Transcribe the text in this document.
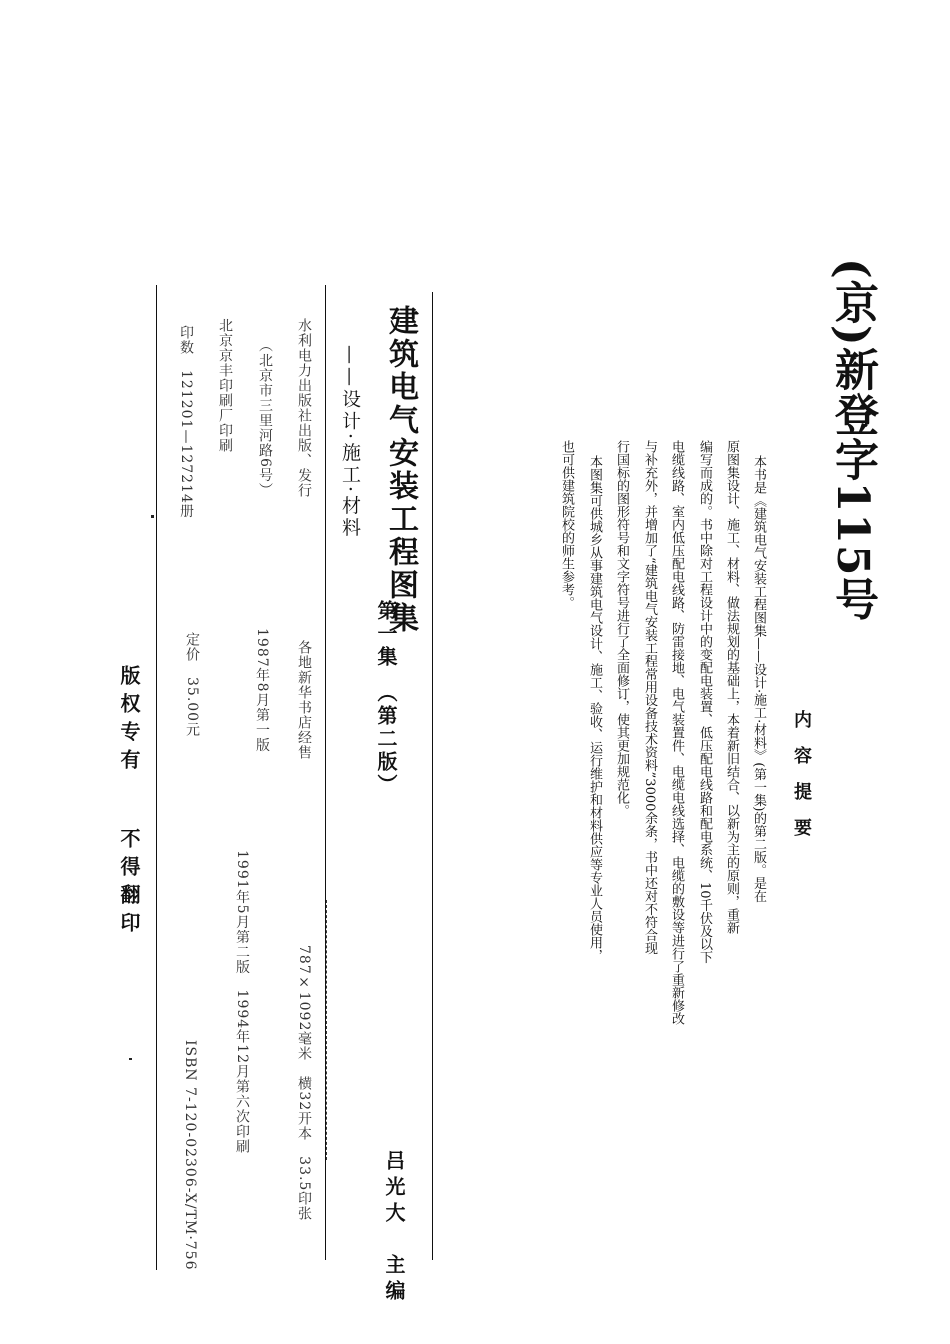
(京)新登字115号
内容提要
本书是《建筑电气安装工程图集——设计·施工·材料》(第一集)的第二版。是在
原图集设计、施工、材料、做法规划的基础上，本着新旧结合、以新为主的原则，重新
编写而成的。书中除对工程设计中的变配电装置、低压配电线路和配电系统、10千伏及以下
电缆线路、室内低压配电线路、防雷接地、电气装置件、电缆电线选择、电缆的敷设等进行了重新修改
与补充外，并增加了“建筑电气安装工程常用设备技术资料”3000余条，书中还对不符合现
行国标的图形符号和文字符号进行了全面修订，使其更加规范化。
本图集可供城乡从事建筑电气设计、施工、验收、运行维护和材料供应等专业人员使用，
也可供建筑院校的师生参考。
建筑电气安装工程图集
——设计·施工·材料
第一集　（第二版）
吕光大　主编
水利电力出版社出版、发行
各地新华书店经售
787×1092毫米　横32开本　33.5印张
（北京市三里河路6号）
1987年8月第一版
1991年5月第二版　1994年12月第六次印刷
北京京丰印刷厂印刷
印数　121201—127214册
定价　35.00元
ISBN 7-120-02306-X/TM·756
版权专有
不得翻印
